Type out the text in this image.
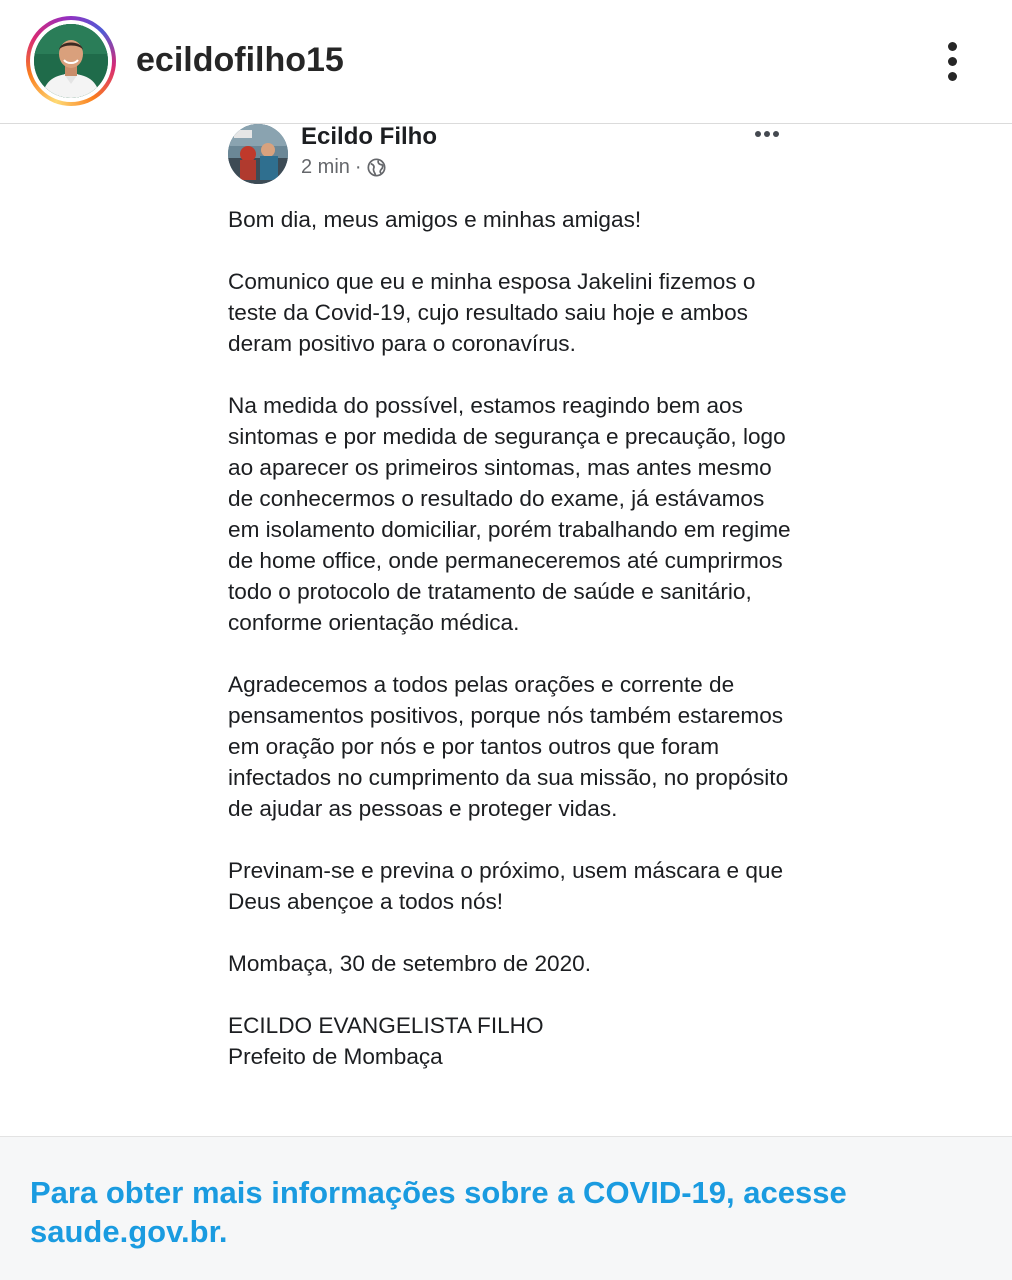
ecildofilho15
Ecildo Filho
2 min ·

Bom dia, meus amigos e minhas amigas!

Comunico que eu e minha esposa Jakelini fizemos o teste da Covid-19, cujo resultado saiu hoje e ambos deram positivo para o coronavírus.

Na medida do possível, estamos reagindo bem aos sintomas e por medida de segurança e precaução, logo ao aparecer os primeiros sintomas, mas antes mesmo de conhecermos o resultado do exame, já estávamos em isolamento domiciliar, porém trabalhando em regime de home office, onde permaneceremos até cumprirmos todo o protocolo de tratamento de saúde e sanitário, conforme orientação médica.

Agradecemos a todos pelas orações e corrente de pensamentos positivos, porque nós também estaremos em oração por nós e por tantos outros que foram infectados no cumprimento da sua missão, no propósito de ajudar as pessoas e proteger vidas.

Previnam-se e previna o próximo, usem máscara e que Deus abençoe a todos nós!

Mombaça, 30 de setembro de 2020.

ECILDO EVANGELISTA FILHO
Prefeito de Mombaça

Para obter mais informações sobre a COVID-19, acesse saude.gov.br.
